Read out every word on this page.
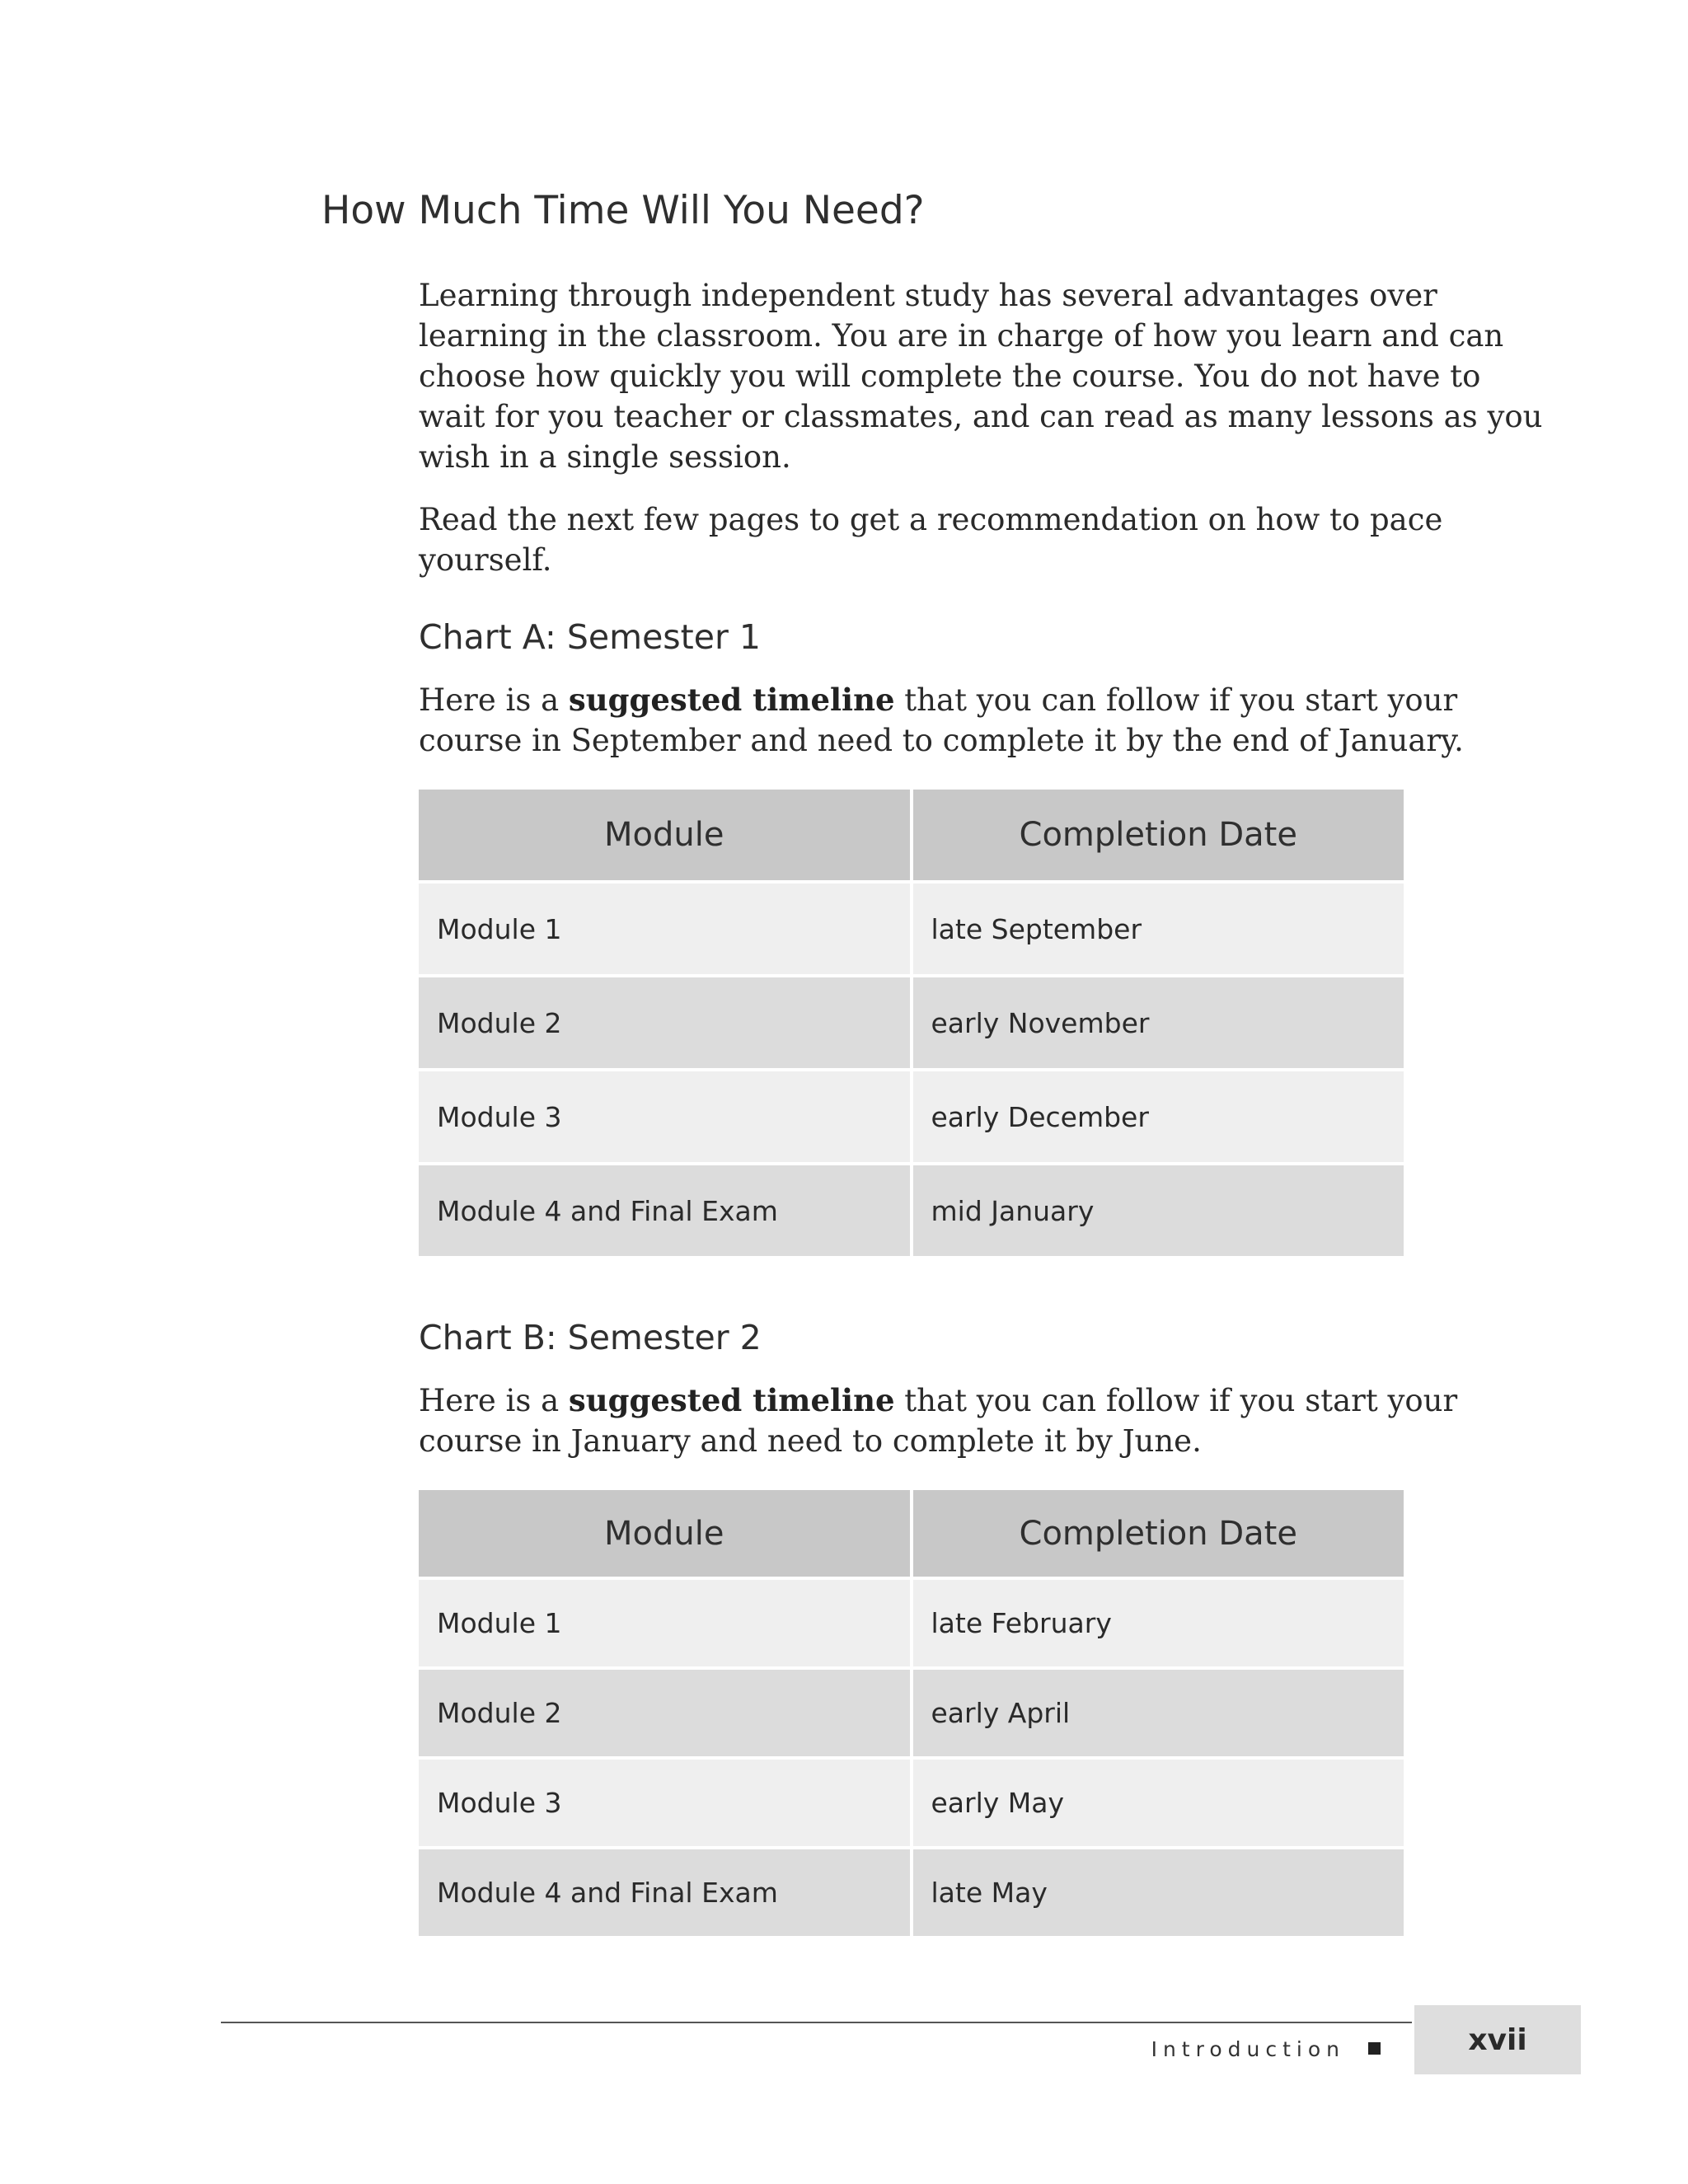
How Much Time Will You Need?

Learning through independent study has several advantages over learning in the classroom. You are in charge of how you learn and can choose how quickly you will complete the course. You do not have to wait for you teacher or classmates, and can read as many lessons as you wish in a single session.

Read the next few pages to get a recommendation on how to pace yourself.

Chart A: Semester 1

Here is a suggested timeline that you can follow if you start your course in September and need to complete it by the end of January.

Module	Completion Date
Module 1	late September
Module 2	early November
Module 3	early December
Module 4 and Final Exam	mid January
Chart B: Semester 2

Here is a suggested timeline that you can follow if you start your course in January and need to complete it by June.

Module	Completion Date
Module 1	late February
Module 2	early April
Module 3	early May
Module 4 and Final Exam	late May
Introduction	xvii
